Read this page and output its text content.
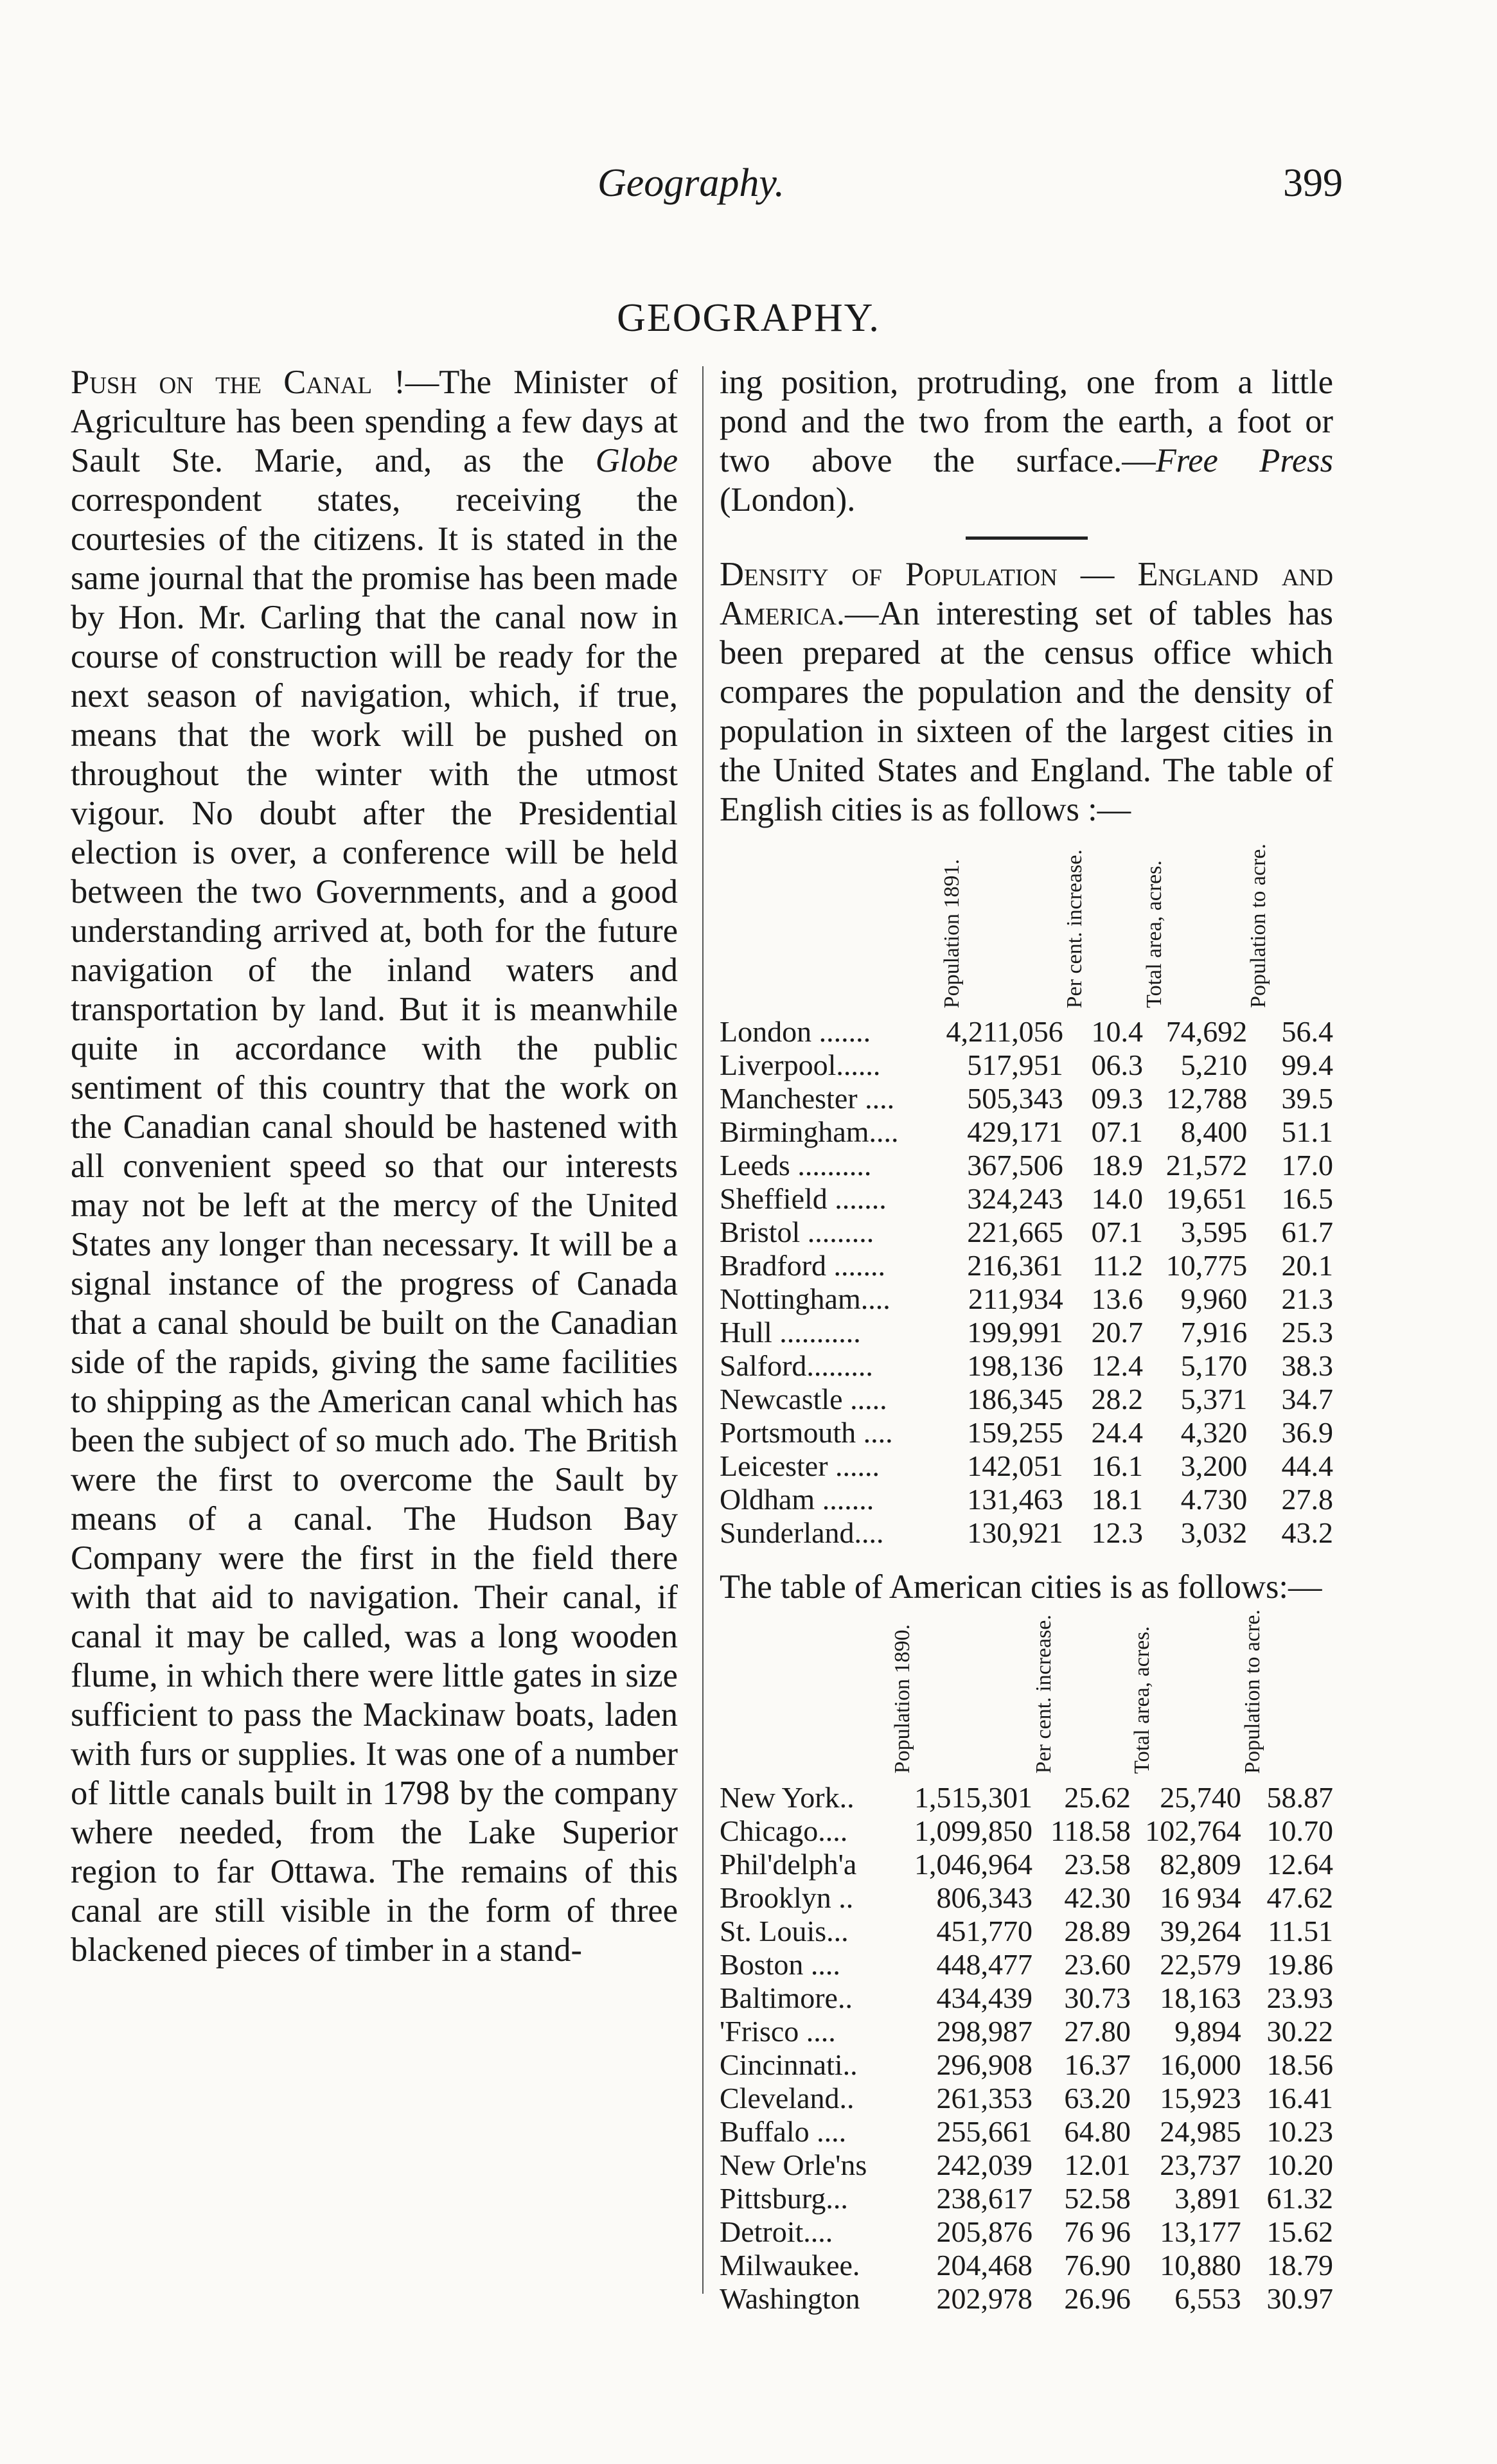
Geography.	399
GEOGRAPHY.

Push on the Canal !—The Minister of Agriculture has been spending a few days at Sault Ste. Marie, and, as the Globe correspondent states, receiving the courtesies of the citizens. It is stated in the same journal that the promise has been made by Hon. Mr. Carling that the canal now in course of construction will be ready for the next season of navigation, which, if true, means that the work will be pushed on throughout the winter with the utmost vigour. No doubt after the Presidential election is over, a conference will be held between the two Governments, and a good understanding arrived at, both for the future navigation of the inland waters and transportation by land. But it is meanwhile quite in accordance with the public sentiment of this country that the work on the Canadian canal should be hastened with all convenient speed so that our interests may not be left at the mercy of the United States any longer than necessary. It will be a signal instance of the progress of Canada that a canal should be built on the Canadian side of the rapids, giving the same facilities to shipping as the American canal which has been the subject of so much ado. The British were the first to overcome the Sault by means of a canal. The Hudson Bay Company were the first in the field there with that aid to navigation. Their canal, if canal it may be called, was a long wooden flume, in which there were little gates in size sufficient to pass the Mackinaw boats, laden with furs or supplies. It was one of a number of little canals built in 1798 by the company where needed, from the Lake Superior region to far Ottawa. The remains of this canal are still visible in the form of three blackened pieces of timber in a stand-

ing position, protruding, one from a little pond and the two from the earth, a foot or two above the surface.—Free Press (London).

Density of Population — England and America.—An interesting set of tables has been prepared at the census office which compares the population and the density of population in sixteen of the largest cities in the United States and England. The table of English cities is as follows :—

	Population 1891.	Per cent. increase.	Total area, acres.	Population to acre.
London .......	4,211,056	10.4	74,692	56.4
Liverpool......	517,951	06.3	5,210	99.4
Manchester ....	505,343	09.3	12,788	39.5
Birmingham....	429,171	07.1	8,400	51.1
Leeds ..........	367,506	18.9	21,572	17.0
Sheffield .......	324,243	14.0	19,651	16.5
Bristol .........	221,665	07.1	3,595	61.7
Bradford .......	216,361	11.2	10,775	20.1
Nottingham....	211,934	13.6	9,960	21.3
Hull ...........	199,991	20.7	7,916	25.3
Salford.........	198,136	12.4	5,170	38.3
Newcastle .....	186,345	28.2	5,371	34.7
Portsmouth ....	159,255	24.4	4,320	36.9
Leicester ......	142,051	16.1	3,200	44.4
Oldham .......	131,463	18.1	4.730	27.8
Sunderland....	130,921	12.3	3,032	43.2

The table of American cities is as follows:—

	Population 1890.	Per cent. increase.	Total area, acres.	Population to acre.
New York..	1,515,301	25.62	25,740	58.87
Chicago....	1,099,850	118.58	102,764	10.70
Phil'delph'a	1,046,964	23.58	82,809	12.64
Brooklyn ..	806,343	42.30	16 934	47.62
St. Louis...	451,770	28.89	39,264	11.51
Boston ....	448,477	23.60	22,579	19.86
Baltimore..	434,439	30.73	18,163	23.93
'Frisco ....	298,987	27.80	9,894	30.22
Cincinnati..	296,908	16.37	16,000	18.56
Cleveland..	261,353	63.20	15,923	16.41
Buffalo ....	255,661	64.80	24,985	10.23
New Orle'ns	242,039	12.01	23,737	10.20
Pittsburg...	238,617	52.58	3,891	61.32
Detroit....	205,876	76 96	13,177	15.62
Milwaukee.	204,468	76.90	10,880	18.79
Washington	202,978	26.96	6,553	30.97
